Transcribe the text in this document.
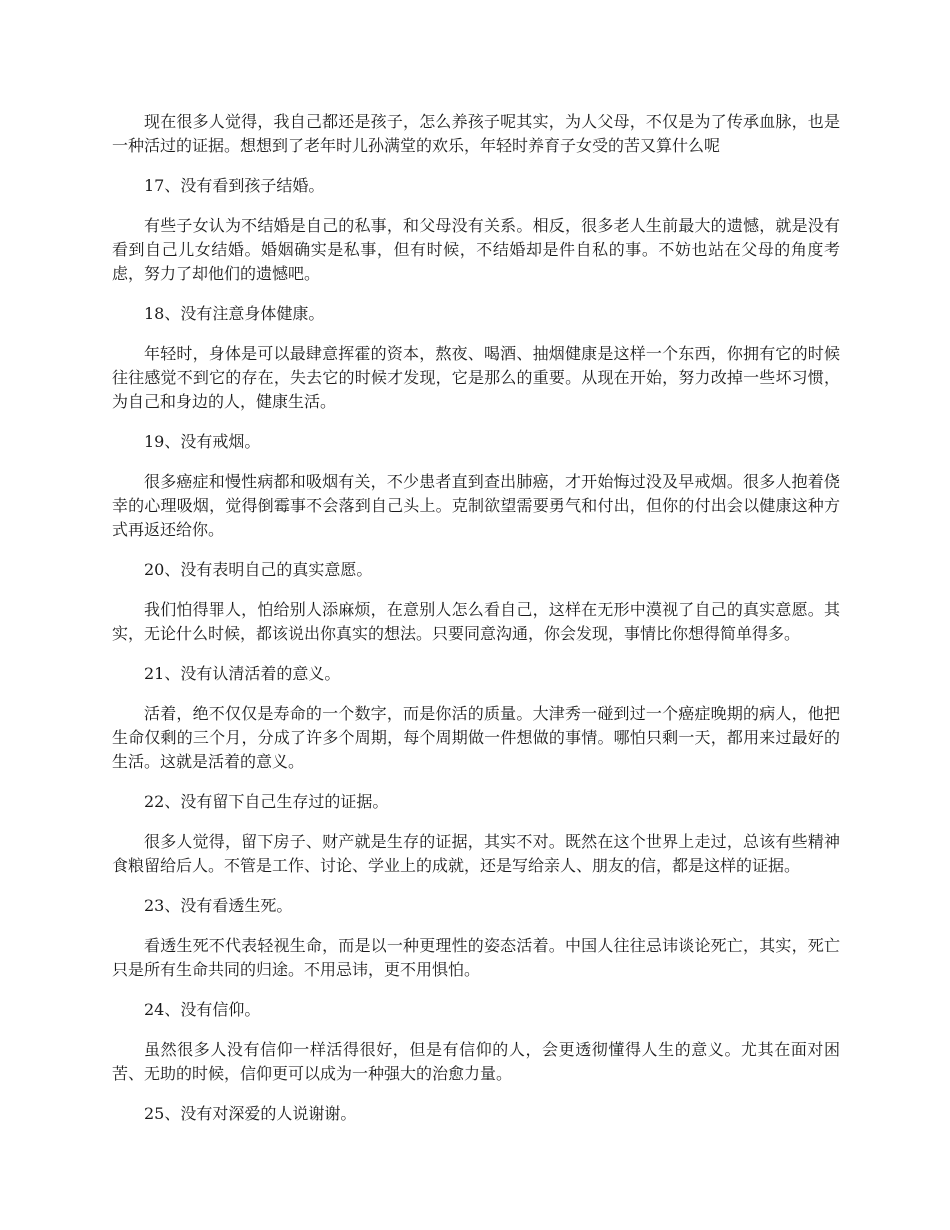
现在很多人觉得，我自己都还是孩子，怎么养孩子呢其实，为人父母，不仅是为了传承血脉，也是一种活过的证据。想想到了老年时儿孙满堂的欢乐，年轻时养育子女受的苦又算什么呢

17、没有看到孩子结婚。

有些子女认为不结婚是自己的私事，和父母没有关系。相反，很多老人生前最大的遗憾，就是没有看到自己儿女结婚。婚姻确实是私事，但有时候，不结婚却是件自私的事。不妨也站在父母的角度考虑，努力了却他们的遗憾吧。

18、没有注意身体健康。

年轻时，身体是可以最肆意挥霍的资本，熬夜、喝酒、抽烟健康是这样一个东西，你拥有它的时候往往感觉不到它的存在，失去它的时候才发现，它是那么的重要。从现在开始，努力改掉一些坏习惯，为自己和身边的人，健康生活。

19、没有戒烟。

很多癌症和慢性病都和吸烟有关，不少患者直到查出肺癌，才开始悔过没及早戒烟。很多人抱着侥幸的心理吸烟，觉得倒霉事不会落到自己头上。克制欲望需要勇气和付出，但你的付出会以健康这种方式再返还给你。

20、没有表明自己的真实意愿。

我们怕得罪人，怕给别人添麻烦，在意别人怎么看自己，这样在无形中漠视了自己的真实意愿。其实，无论什么时候，都该说出你真实的想法。只要同意沟通，你会发现，事情比你想得简单得多。

21、没有认清活着的意义。

活着，绝不仅仅是寿命的一个数字，而是你活的质量。大津秀一碰到过一个癌症晚期的病人，他把生命仅剩的三个月，分成了许多个周期，每个周期做一件想做的事情。哪怕只剩一天，都用来过最好的生活。这就是活着的意义。

22、没有留下自己生存过的证据。

很多人觉得，留下房子、财产就是生存的证据，其实不对。既然在这个世界上走过，总该有些精神食粮留给后人。不管是工作、讨论、学业上的成就，还是写给亲人、朋友的信，都是这样的证据。

23、没有看透生死。

看透生死不代表轻视生命，而是以一种更理性的姿态活着。中国人往往忌讳谈论死亡，其实，死亡只是所有生命共同的归途。不用忌讳，更不用惧怕。

24、没有信仰。

虽然很多人没有信仰一样活得很好，但是有信仰的人，会更透彻懂得人生的意义。尤其在面对困苦、无助的时候，信仰更可以成为一种强大的治愈力量。

25、没有对深爱的人说谢谢。
